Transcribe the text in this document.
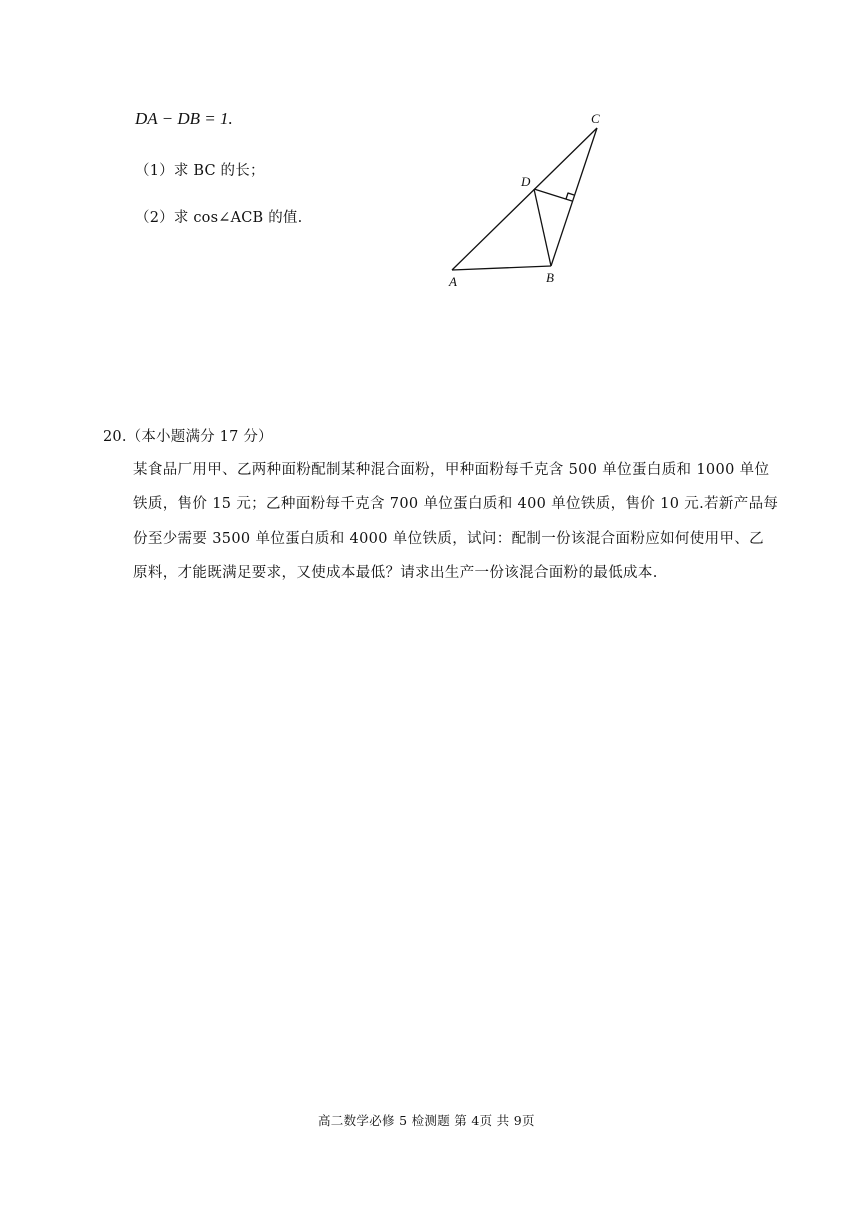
DA − DB = 1.
（1）求 BC 的长；
（2）求 cos∠ACB 的值.
C
D
A	B
20.（本小题满分 17 分）
某食品厂用甲、乙两种面粉配制某种混合面粉，甲种面粉每千克含 500 单位蛋白质和 1000 单位
铁质，售价 15 元；乙种面粉每千克含 700 单位蛋白质和 400 单位铁质，售价 10 元.若新产品每
份至少需要 3500 单位蛋白质和 4000 单位铁质，试问：配制一份该混合面粉应如何使用甲、乙
原料，才能既满足要求，又使成本最低？请求出生产一份该混合面粉的最低成本.
高二数学必修 5 检测题 第 4页 共 9页
